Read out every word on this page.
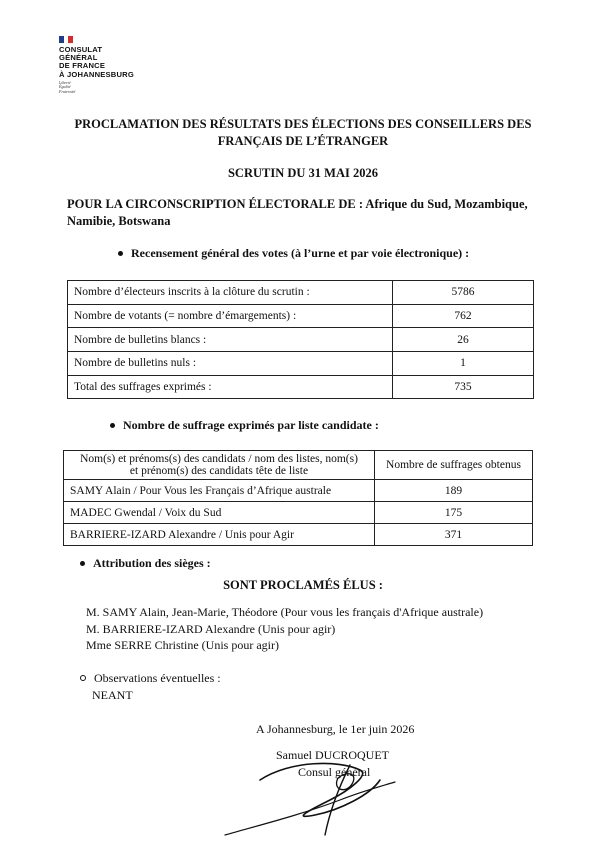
CONSULAT
GÉNÉRAL
DE FRANCE
À JOHANNESBURG
Liberté
Égalité
Fraternité
PROCLAMATION DES RÉSULTATS DES ÉLECTIONS DES CONSEILLERS DES
FRANÇAIS DE L’ÉTRANGER
SCRUTIN DU 31 MAI 2026
POUR LA CIRCONSCRIPTION ÉLECTORALE DE : Afrique du Sud, Mozambique, Namibie, Botswana
Recensement général des votes (à l’urne et par voie électronique) :
Nombre d’électeurs inscrits à la clôture du scrutin :	5786
Nombre de votants (= nombre d’émargements) :	762
Nombre de bulletins blancs :	26
Nombre de bulletins nuls :	1
Total des suffrages exprimés :	735
Nombre de suffrage exprimés par liste candidate :
Nom(s) et prénoms(s) des candidats / nom des listes, nom(s)
et prénom(s) des candidats tête de liste	Nombre de suffrages obtenus
SAMY Alain / Pour Vous les Français d’Afrique australe	189
MADEC Gwendal / Voix du Sud	175
BARRIERE-IZARD Alexandre / Unis pour Agir	371
Attribution des sièges :
SONT PROCLAMÉS ÉLUS :
M. SAMY Alain, Jean-Marie, Théodore (Pour vous les français d'Afrique australe)
M. BARRIERE-IZARD Alexandre (Unis pour agir)
Mme SERRE Christine (Unis pour agir)
Observations éventuelles :
NEANT
A Johannesburg, le 1er juin 2026
Samuel DUCROQUET
Consul général
